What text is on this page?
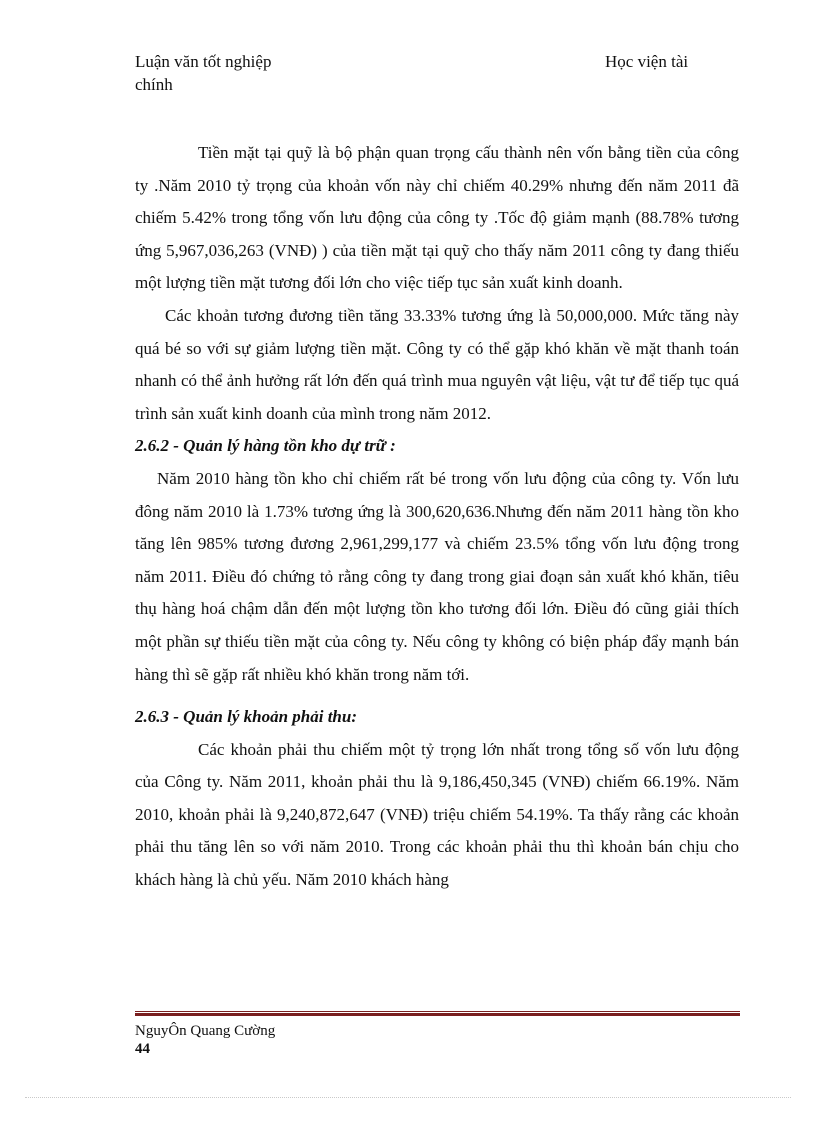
Luận văn tốt nghiệp
chính
Học viện tài

Tiền mặt tại quỹ là bộ phận quan trọng cấu thành nên vốn bằng tiền của công ty .Năm 2010 tỷ trọng của khoản vốn này chỉ chiếm 40.29% nhưng đến năm 2011 đã chiếm 5.42% trong tổng vốn lưu động của công ty .Tốc độ giảm mạnh (88.78% tương ứng 5,967,036,263 (VNĐ) ) của tiền mặt tại quỹ cho thấy năm 2011 công ty đang thiếu một lượng tiền mặt tương đối lớn cho việc tiếp tục sản xuất kinh doanh.

Các khoản tương đương tiền tăng 33.33% tương ứng là 50,000,000. Mức tăng này quá bé so với sự giảm lượng tiền mặt. Công ty có thể gặp khó khăn về mặt thanh toán nhanh có thể ảnh hưởng rất lớn đến quá trình mua nguyên vật liệu, vật tư để tiếp tục quá trình sản xuất kinh doanh của mình trong năm 2012.

2.6.2 - Quản lý hàng tồn kho dự trữ :

Năm 2010 hàng tồn kho chỉ chiếm rất bé trong vốn lưu động của công ty. Vốn lưu đông năm 2010 là 1.73% tương ứng là 300,620,636.Nhưng đến năm 2011 hàng tồn kho tăng lên 985% tương đương 2,961,299,177 và chiếm 23.5% tổng vốn lưu động trong năm 2011. Điều đó chứng tỏ rằng công ty đang trong giai đoạn sản xuất khó khăn, tiêu thụ hàng hoá chậm dẫn đến một lượng tồn kho tương đối lớn. Điều đó cũng giải thích một phần sự thiếu tiền mặt của công ty. Nếu công ty không có biện pháp đẩy mạnh bán hàng thì sẽ gặp rất nhiều khó khăn trong năm tới.

2.6.3 - Quản lý khoản phải thu:

Các khoản phải thu chiếm một tỷ trọng lớn nhất trong tổng số vốn lưu động của Công ty. Năm 2011, khoản phải thu là 9,186,450,345 (VNĐ) chiếm 66.19%. Năm 2010, khoản phải là 9,240,872,647 (VNĐ) triệu chiếm 54.19%. Ta thấy rằng các khoản phải thu tăng lên so với năm 2010. Trong các khoản phải thu thì khoản bán chịu cho khách hàng là chủ yếu. Năm 2010 khách hàng

NguyÔn Quang Cường
44
